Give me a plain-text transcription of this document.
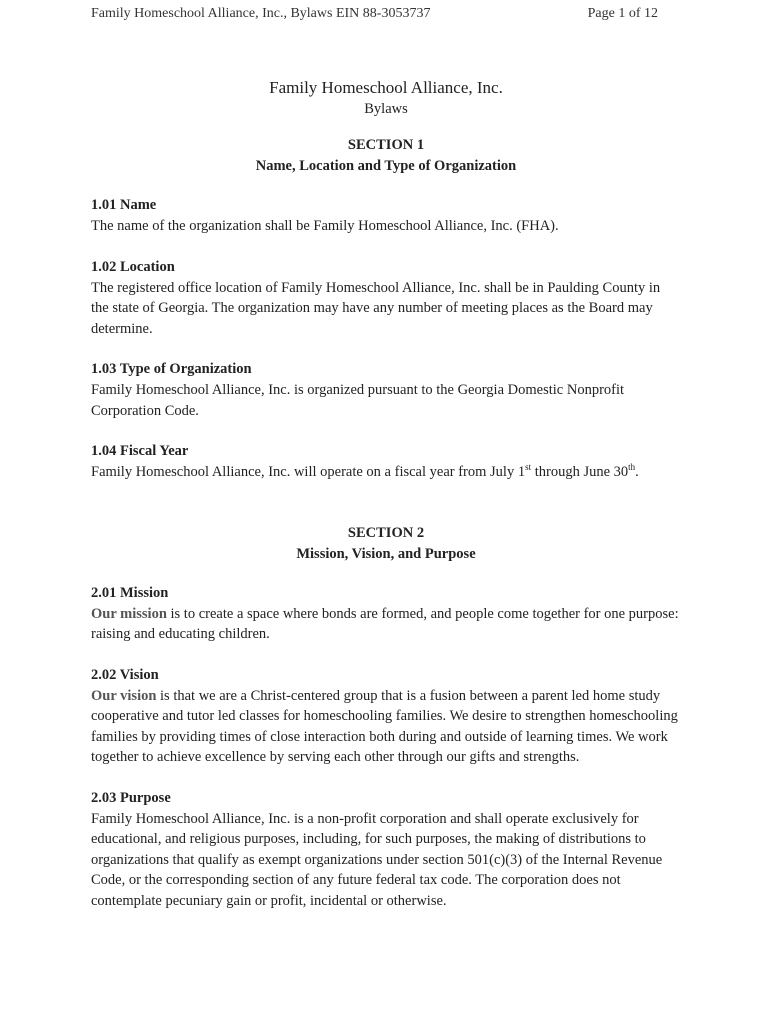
Family Homeschool Alliance, Inc., Bylaws EIN 88-3053737	Page 1 of 12
Family Homeschool Alliance, Inc.
Bylaws
SECTION 1
Name, Location and Type of Organization
1.01 Name

The name of the organization shall be Family Homeschool Alliance, Inc. (FHA).

1.02 Location

The registered office location of Family Homeschool Alliance, Inc. shall be in Paulding County in the state of Georgia. The organization may have any number of meeting places as the Board may determine.

1.03 Type of Organization

Family Homeschool Alliance, Inc. is organized pursuant to the Georgia Domestic Nonprofit Corporation Code.

1.04 Fiscal Year

Family Homeschool Alliance, Inc. will operate on a fiscal year from July 1st through June 30th.

SECTION 2
Mission, Vision, and Purpose
2.01 Mission

Our mission is to create a space where bonds are formed, and people come together for one purpose: raising and educating children.

2.02 Vision

Our vision is that we are a Christ-centered group that is a fusion between a parent led home study cooperative and tutor led classes for homeschooling families. We desire to strengthen homeschooling families by providing times of close interaction both during and outside of learning times. We work together to achieve excellence by serving each other through our gifts and strengths.

2.03 Purpose

Family Homeschool Alliance, Inc. is a non-profit corporation and shall operate exclusively for educational, and religious purposes, including, for such purposes, the making of distributions to organizations that qualify as exempt organizations under section 501(c)(3) of the Internal Revenue Code, or the corresponding section of any future federal tax code. The corporation does not contemplate pecuniary gain or profit, incidental or otherwise.
